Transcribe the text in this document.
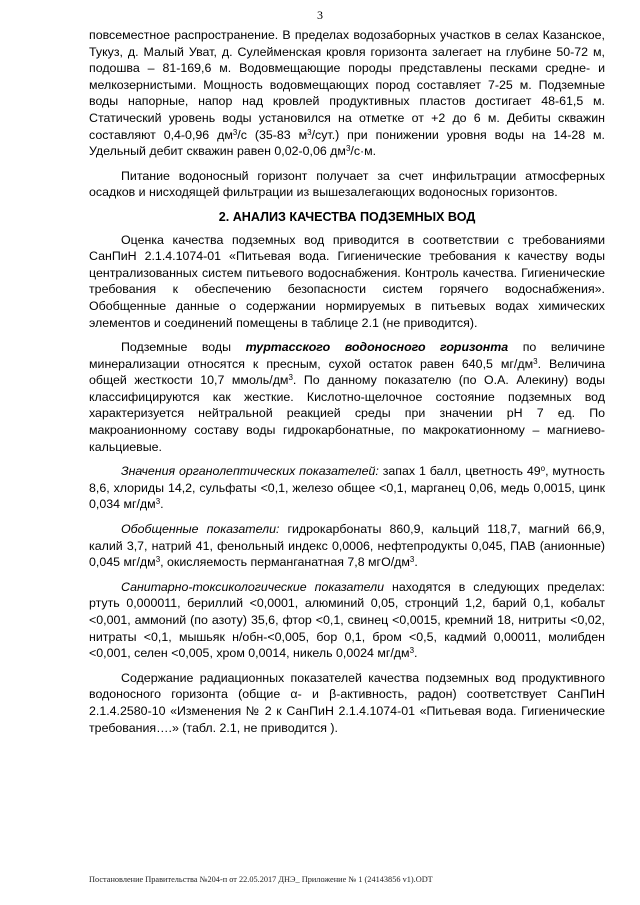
3

повсеместное распространение. В пределах водозаборных участков в селах Казанское, Тукуз, д. Малый Уват, д. Сулейменская кровля горизонта залегает на глубине 50-72 м, подошва – 81-169,6 м. Водовмещающие породы представлены песками средне- и мелкозернистыми. Мощность водовмещающих пород составляет 7-25 м. Подземные воды напорные, напор над кровлей продуктивных пластов достигает 48-61,5 м. Статический уровень воды установился на отметке от +2 до 6 м. Дебиты скважин составляют 0,4-0,96 $дм^3/с$ (35-83 $м^3/сут$.) при понижении уровня воды на 14-28 м. Удельный дебит скважин равен 0,02-0,06 $дм^3/с\cdot м$.

Питание водоносный горизонт получает за счет инфильтрации атмосферных осадков и нисходящей фильтрации из вышезалегающих водоносных горизонтов.

2. АНАЛИЗ КАЧЕСТВА ПОДЗЕМНЫХ ВОД

Оценка качества подземных вод приводится в соответствии с требованиями СанПиН 2.1.4.1074-01 «Питьевая вода. Гигиенические требования к качеству воды централизованных систем питьевого водоснабжения. Контроль качества. Гигиенические требования к обеспечению безопасности систем горячего водоснабжения». Обобщенные данные о содержании нормируемых в питьевых водах химических элементов и соединений помещены в таблице 2.1 (не приводится).

Подземные воды туртасского водоносного горизонта по величине минерализации относятся к пресным, сухой остаток равен 640,5 $мг/дм^3$. Величина общей жесткости 10,7 ммоль/$дм^3$. По данному показателю (по О.А. Алекину) воды классифицируются как жесткие. Кислотно-щелочное состояние подземных вод характеризуется нейтральной реакцией среды при значении pH 7 ед. По макроанионному составу воды гидрокарбонатные, по макрокатионному – магниево-кальциевые.

Значения органолептических показателей: запах 1 балл, цветность $49^о$, мутность 8,6, хлориды 14,2, сульфаты <0,1, железо общее <0,1, марганец 0,06, медь 0,0015, цинк 0,034 $мг/дм^3$.

Обобщенные показатели: гидрокарбонаты 860,9, кальций 118,7, магний 66,9, калий 3,7, натрий 41, фенольный индекс 0,0006, нефтепродукты 0,045, ПАВ (анионные) 0,045 $мг/дм^3$, окисляемость перманганатная 7,8 мгО/$дм^3$.

Санитарно-токсикологические показатели находятся в следующих пределах: ртуть 0,000011, бериллий <0,0001, алюминий 0,05, стронций 1,2, барий 0,1, кобальт <0,001, аммоний (по азоту) 35,6, фтор <0,1, свинец <0,0015, кремний 18, нитриты <0,02, нитраты <0,1, мышьяк н/обн-<0,005, бор 0,1, бром <0,5, кадмий 0,00011, молибден <0,001, селен <0,005, хром 0,0014, никель 0,0024 $мг/дм^3$.

Содержание радиационных показателей качества подземных вод продуктивного водоносного горизонта (общие α- и β-активность, радон) соответствует СанПиН 2.1.4.2580-10 «Изменения № 2 к СанПиН 2.1.4.1074-01 «Питьевая вода. Гигиенические требования….» (табл. 2.1, не приводится ).

Постановление Правительства №204-п от 22.05.2017 ДНЭ_ Приложение № 1 (24143856 v1).ODT
